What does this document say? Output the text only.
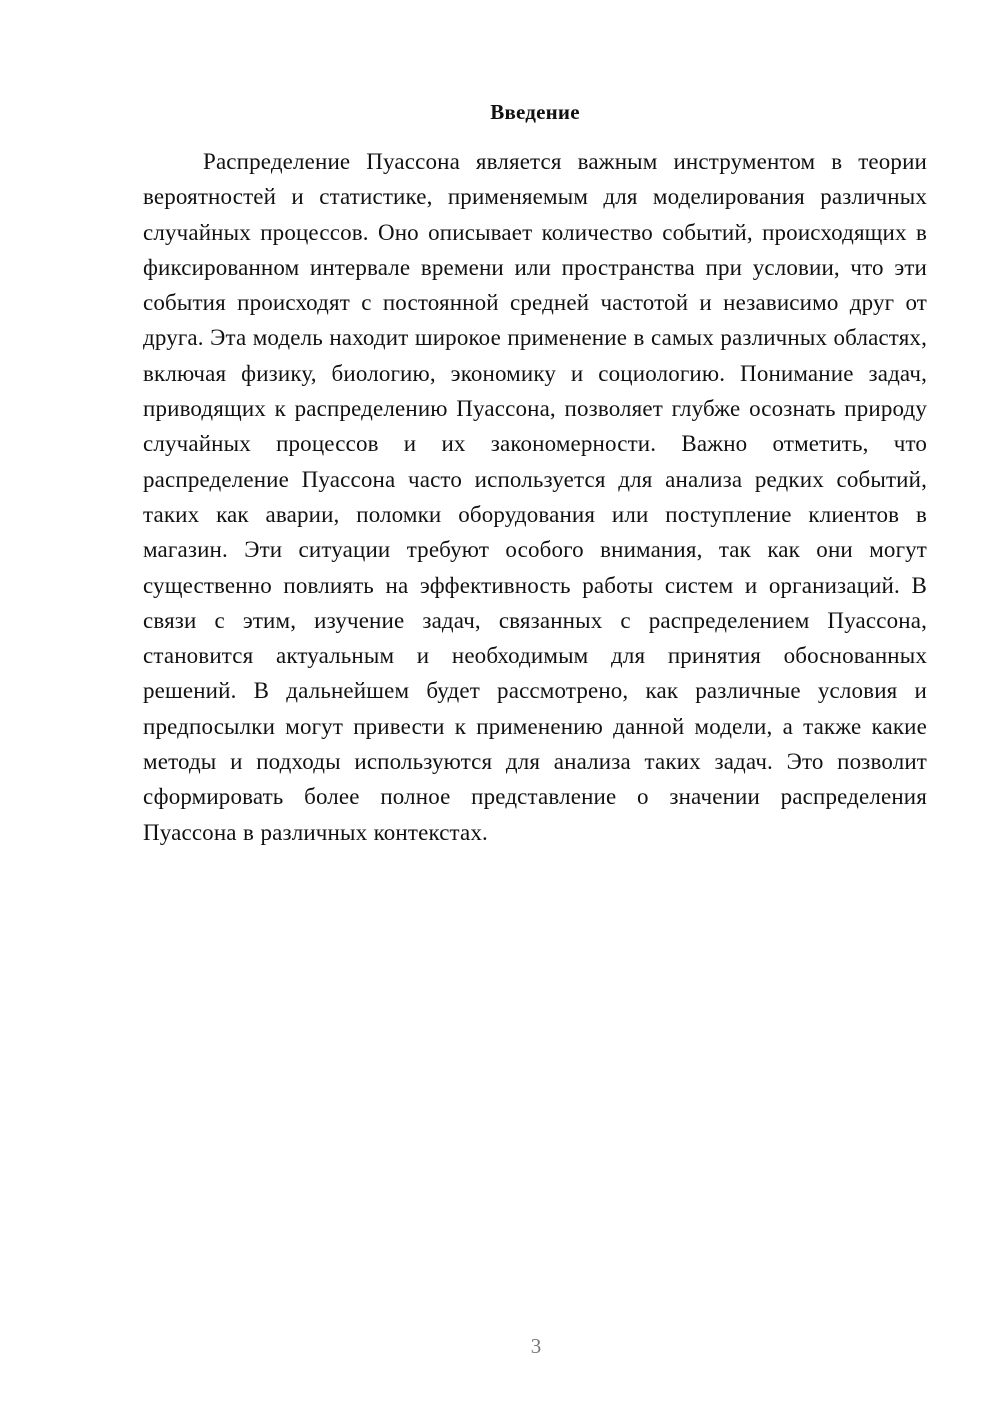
Введение

Распределение Пуассона является важным инструментом в теории вероятностей и статистике, применяемым для моделирования различных случайных процессов. Оно описывает количество событий, происходящих в фиксированном интервале времени или пространства при условии, что эти события происходят с постоянной средней частотой и независимо друг от друга. Эта модель находит широкое применение в самых различных областях, включая физику, биологию, экономику и социологию. Понимание задач, приводящих к распределению Пуассона, позволяет глубже осознать природу случайных процессов и их закономерности. Важно отметить, что распределение Пуассона часто используется для анализа редких событий, таких как аварии, поломки оборудования или поступление клиентов в магазин. Эти ситуации требуют особого внимания, так как они могут существенно повлиять на эффективность работы систем и организаций. В связи с этим, изучение задач, связанных с распределением Пуассона, становится актуальным и необходимым для принятия обоснованных решений. В дальнейшем будет рассмотрено, как различные условия и предпосылки могут привести к применению данной модели, а также какие методы и подходы используются для анализа таких задач. Это позволит сформировать более полное представление о значении распределения Пуассона в различных контекстах.

3
